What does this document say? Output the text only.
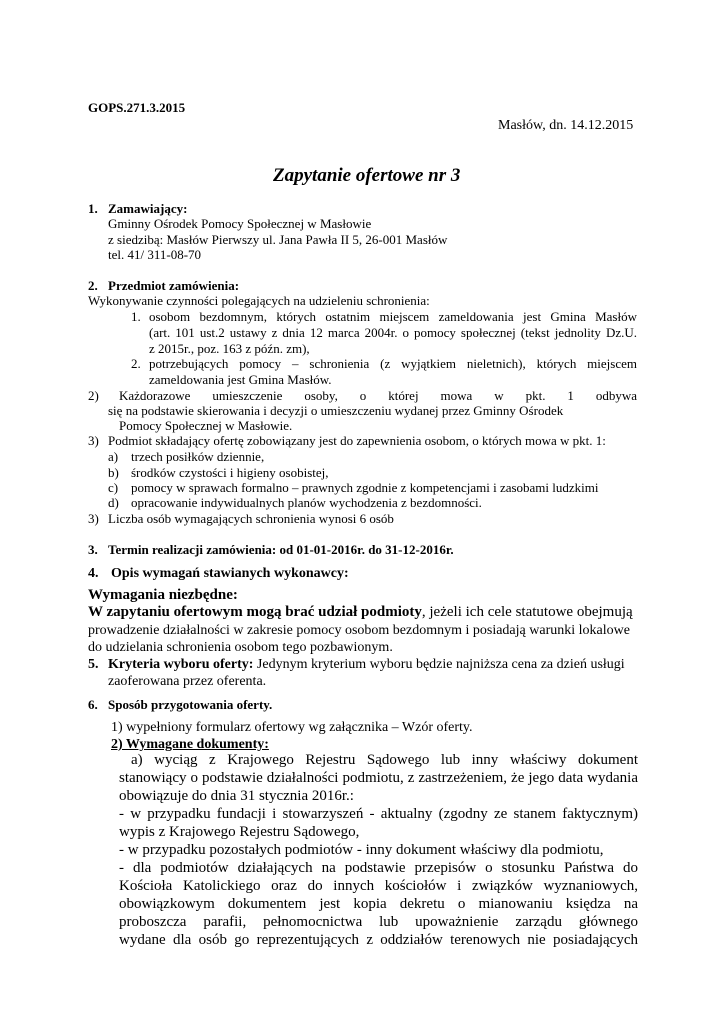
GOPS.271.3.2015
Masłów, dn. 14.12.2015
Zapytanie ofertowe nr 3
1. Zamawiający:
Gminny Ośrodek Pomocy Społecznej w Masłowie
z siedzibą: Masłów Pierwszy ul. Jana Pawła II 5, 26-001 Masłów
tel. 41/ 311-08-70
2. Przedmiot zamówienia:
Wykonywanie czynności polegających na udzieleniu schronienia:
1. osobom bezdomnym, których ostatnim miejscem zameldowania jest Gmina Masłów
(art. 101 ust.2 ustawy z dnia 12 marca 2004r. o pomocy społecznej (tekst jednolity Dz.U.
z 2015r., poz. 163 z późn. zm),
2. potrzebujących pomocy – schronienia (z wyjątkiem nieletnich), których miejscem
zameldowania jest Gmina Masłów.
2) Każdorazowe umieszczenie osoby, o której mowa w pkt. 1 odbywa
się na podstawie skierowania i decyzji o umieszczeniu wydanej przez Gminny Ośrodek
Pomocy Społecznej w Masłowie.
3) Podmiot składający ofertę zobowiązany jest do zapewnienia osobom, o których mowa w pkt. 1:
a) trzech posiłków dziennie,
b) środków czystości i higieny osobistej,
c) pomocy w sprawach formalno – prawnych zgodnie z kompetencjami i zasobami ludzkimi
d) opracowanie indywidualnych planów wychodzenia z bezdomności.
3) Liczba osób wymagających schronienia wynosi 6 osób
3. Termin realizacji zamówienia: od 01-01-2016r. do 31-12-2016r.
4. Opis wymagań stawianych wykonawcy:
Wymagania niezbędne:
W zapytaniu ofertowym mogą brać udział podmioty, jeżeli ich cele statutowe obejmują
prowadzenie działalności w zakresie pomocy osobom bezdomnym i posiadają warunki lokalowe
do udzielania schronienia osobom tego pozbawionym.
5. Kryteria wyboru oferty: Jedynym kryterium wyboru będzie najniższa cena za dzień usługi
zaoferowana przez oferenta.
6. Sposób przygotowania oferty.
1) wypełniony formularz ofertowy wg załącznika – Wzór oferty.
2) Wymagane dokumenty:
a) wyciąg z Krajowego Rejestru Sądowego lub inny właściwy dokument
stanowiący o podstawie działalności podmiotu, z zastrzeżeniem, że jego data wydania
obowiązuje do dnia 31 stycznia 2016r.:
- w przypadku fundacji i stowarzyszeń - aktualny (zgodny ze stanem faktycznym)
wypis z Krajowego Rejestru Sądowego,
- w przypadku pozostałych podmiotów - inny dokument właściwy dla podmiotu,
- dla podmiotów działających na podstawie przepisów o stosunku Państwa do
Kościoła Katolickiego oraz do innych kościołów i związków wyznaniowych,
obowiązkowym dokumentem jest kopia dekretu o mianowaniu księdza na
proboszcza parafii, pełnomocnictwa lub upoważnienie zarządu głównego
wydane dla osób go reprezentujących z oddziałów terenowych nie posiadających
